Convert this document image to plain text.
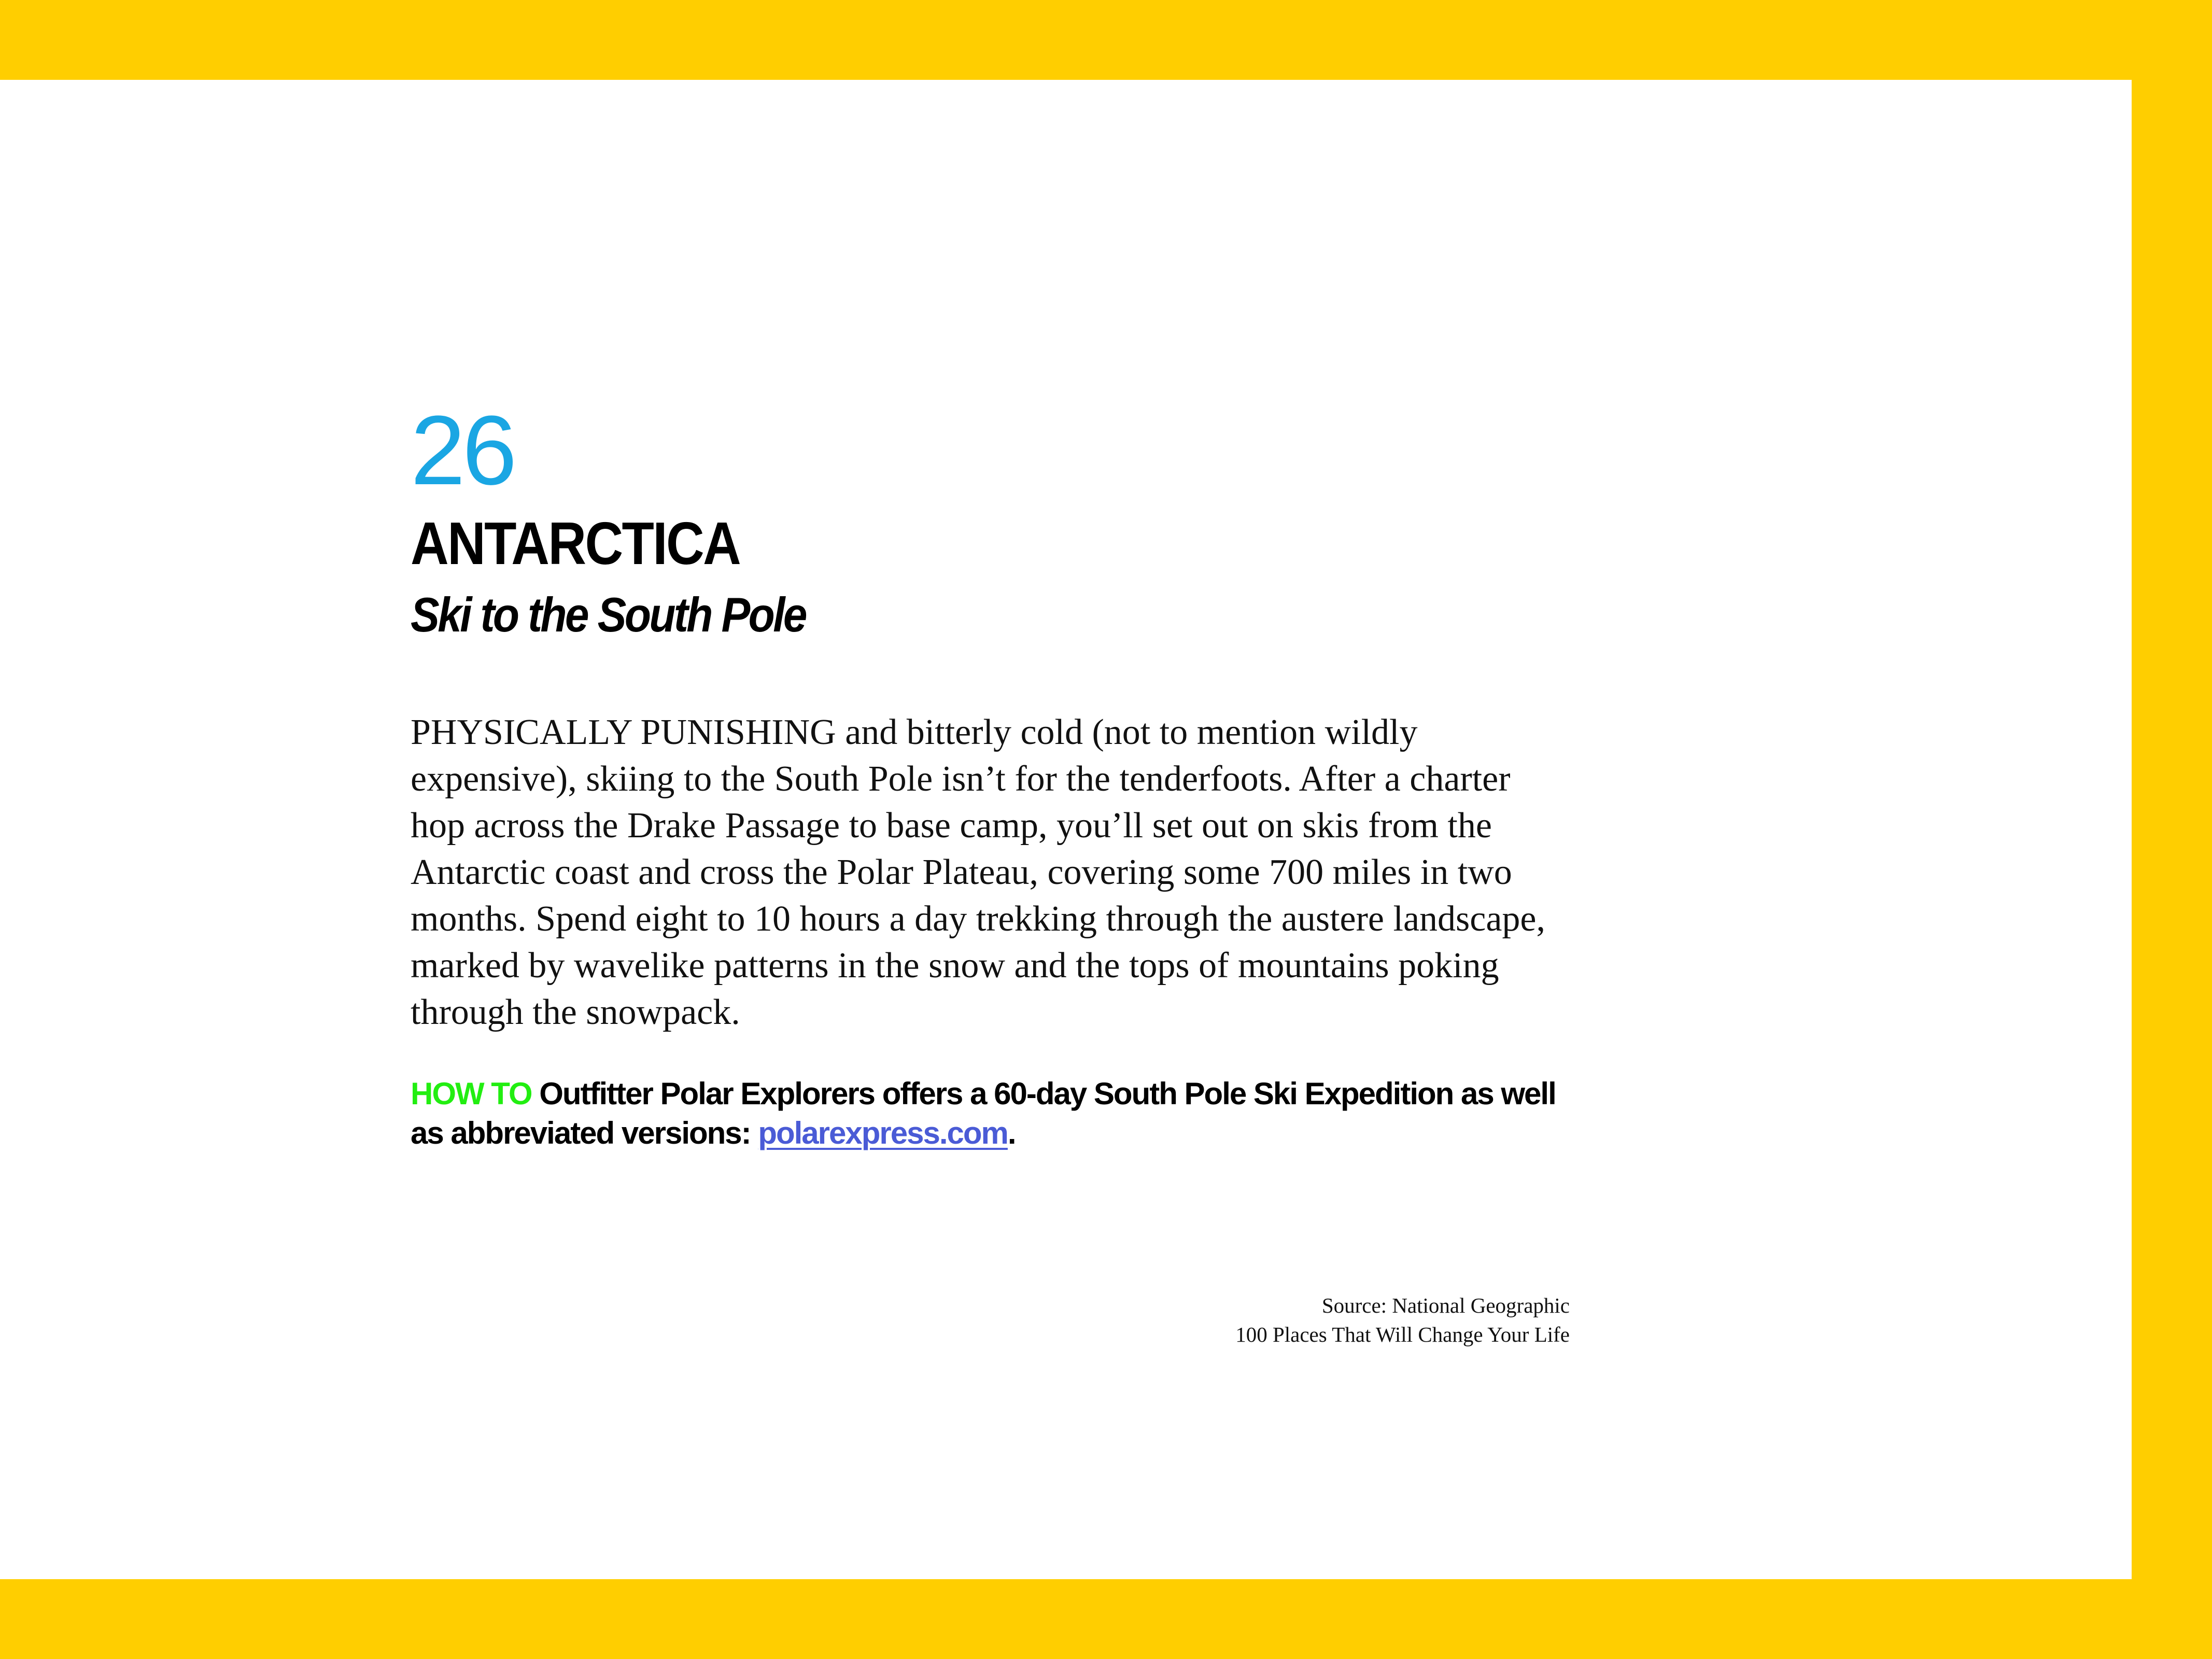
26
ANTARCTICA
Ski to the South Pole

PHYSICALLY PUNISHING and bitterly cold (not to mention wildly expensive), skiing to the South Pole isn’t for the tenderfoots. After a charter hop across the Drake Passage to base camp, you’ll set out on skis from the Antarctic coast and cross the Polar Plateau, covering some 700 miles in two months. Spend eight to 10 hours a day trekking through the austere landscape, marked by wavelike patterns in the snow and the tops of mountains poking through the snowpack.

HOW TO Outfitter Polar Explorers offers a 60-day South Pole Ski Expedition as well as abbreviated versions: polarexpress.com.

Source: National Geographic
100 Places That Will Change Your Life
